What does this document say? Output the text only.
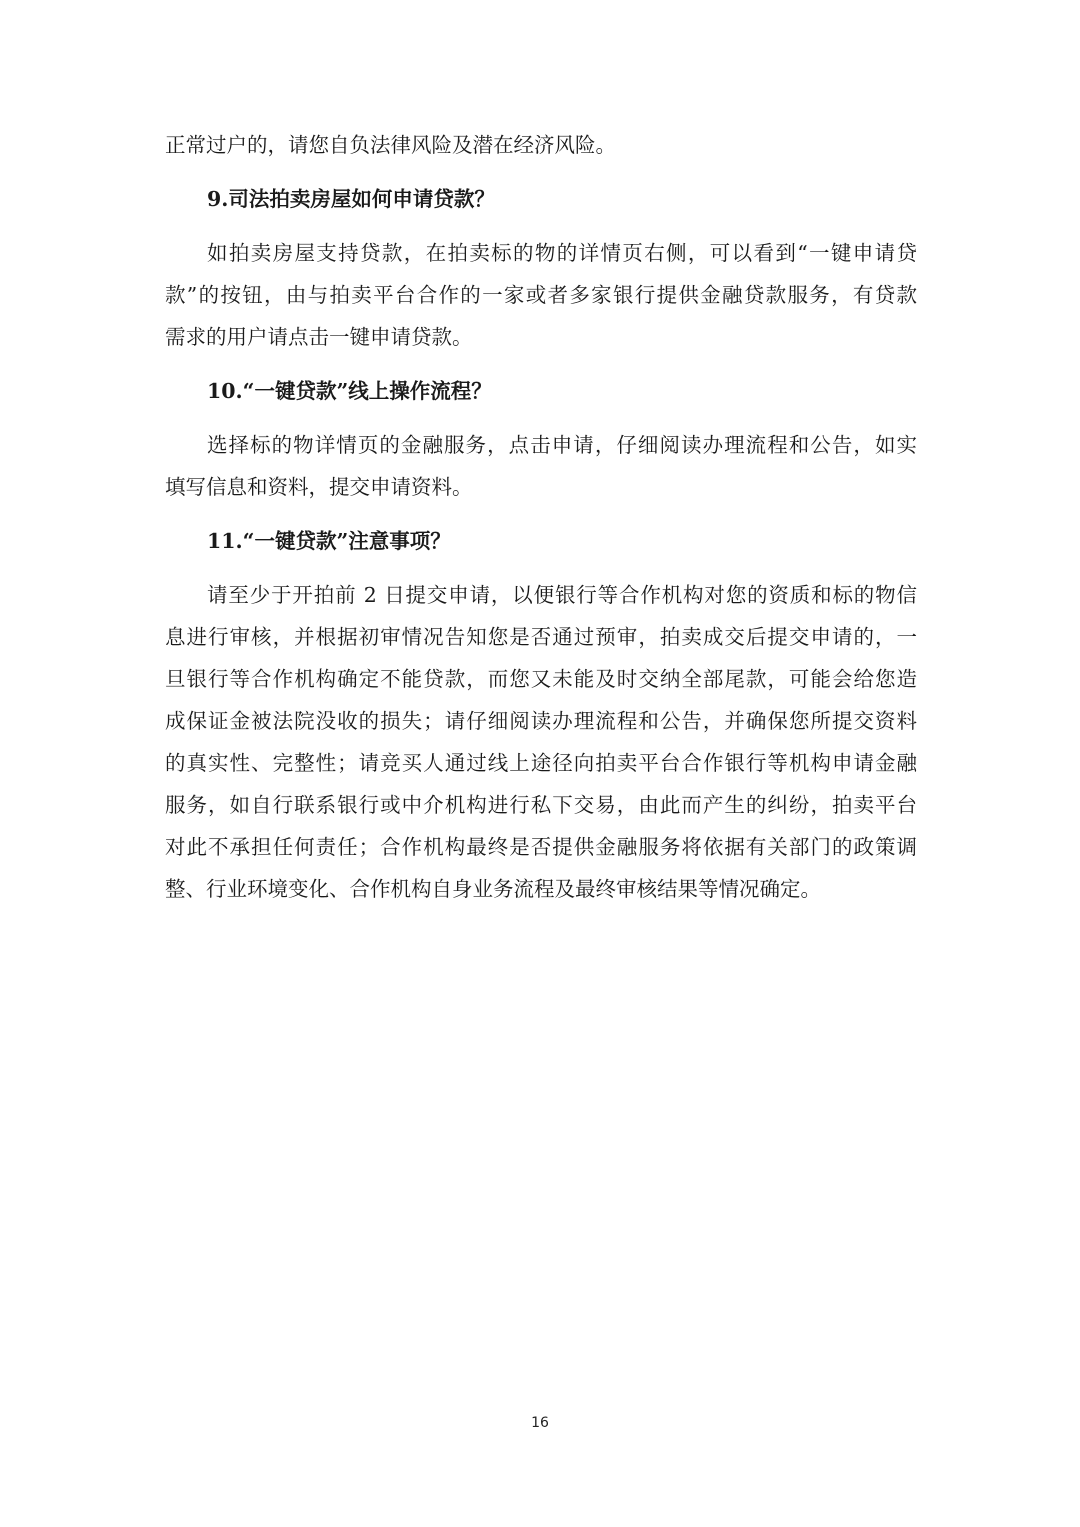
正常过户的，请您自负法律风险及潜在经济风险。
9.司法拍卖房屋如何申请贷款？
如拍卖房屋支持贷款，在拍卖标的物的详情页右侧，可以看到“一键申请贷
款”的按钮，由与拍卖平台合作的一家或者多家银行提供金融贷款服务，有贷款
需求的用户请点击一键申请贷款。
10.“一键贷款”线上操作流程？
选择标的物详情页的金融服务，点击申请，仔细阅读办理流程和公告，如实
填写信息和资料，提交申请资料。
11.“一键贷款”注意事项？
请至少于开拍前 2 日提交申请，以便银行等合作机构对您的资质和标的物信
息进行审核，并根据初审情况告知您是否通过预审，拍卖成交后提交申请的，一
旦银行等合作机构确定不能贷款，而您又未能及时交纳全部尾款，可能会给您造
成保证金被法院没收的损失；请仔细阅读办理流程和公告，并确保您所提交资料
的真实性、完整性；请竞买人通过线上途径向拍卖平台合作银行等机构申请金融
服务，如自行联系银行或中介机构进行私下交易，由此而产生的纠纷，拍卖平台
对此不承担任何责任；合作机构最终是否提供金融服务将依据有关部门的政策调
整、行业环境变化、合作机构自身业务流程及最终审核结果等情况确定。
16
